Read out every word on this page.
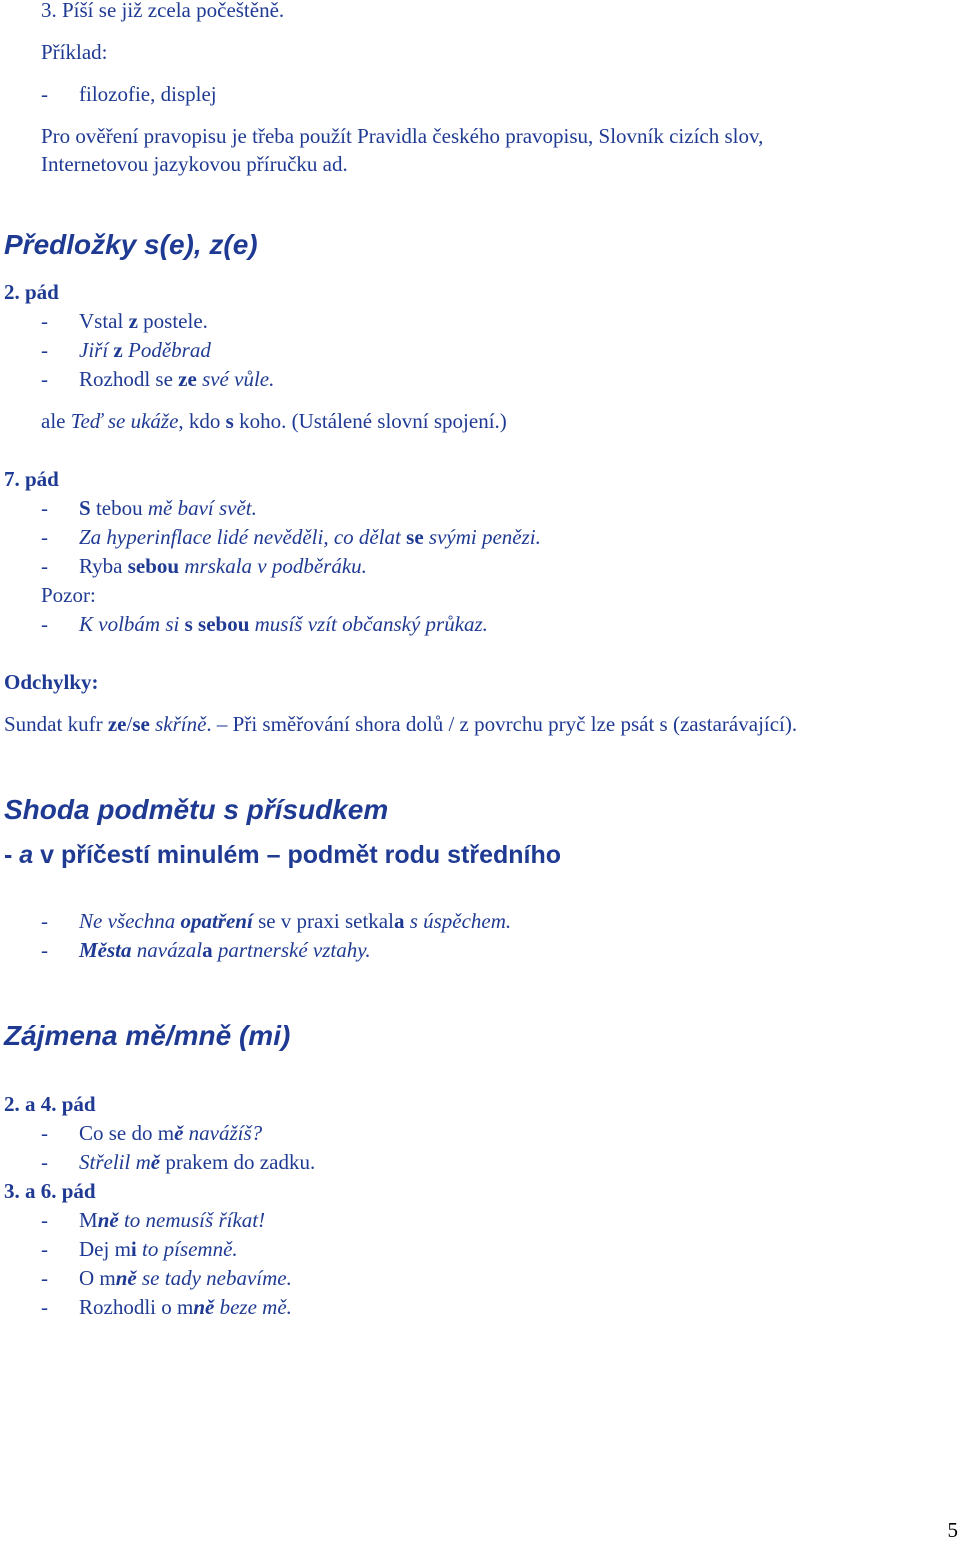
3. Píší se již zcela počeštěně.
Příklad:
- filozofie, displej
Pro ověření pravopisu je třeba použít Pravidla českého pravopisu, Slovník cizích slov,
Internetovou jazykovou příručku ad.
Předložky s(e), z(e)
2. pád
- Vstal z postele.
- Jiří z Poděbrad
- Rozhodl se ze své vůle.
ale Teď se ukáže, kdo s koho. (Ustálené slovní spojení.)
7. pád
- S tebou mě baví svět.
- Za hyperinflace lidé nevěděli, co dělat se svými penězi.
- Ryba sebou mrskala v podběráku.
Pozor:
- K volbám si s sebou musíš vzít občanský průkaz.
Odchylky:
Sundat kufr ze/se skříně. – Při směřování shora dolů / z povrchu pryč lze psát s (zastarávající).
Shoda podmětu s přísudkem
- a v příčestí minulém – podmět rodu středního
- Ne všechna opatření se v praxi setkala s úspěchem.
- Města navázala partnerské vztahy.
Zájmena mě/mně (mi)
2. a 4. pád
- Co se do mě navážíš?
- Střelil mě prakem do zadku.
3. a 6. pád
- Mně to nemusíš říkat!
- Dej mi to písemně.
- O mně se tady nebavíme.
- Rozhodli o mně beze mě.
5
